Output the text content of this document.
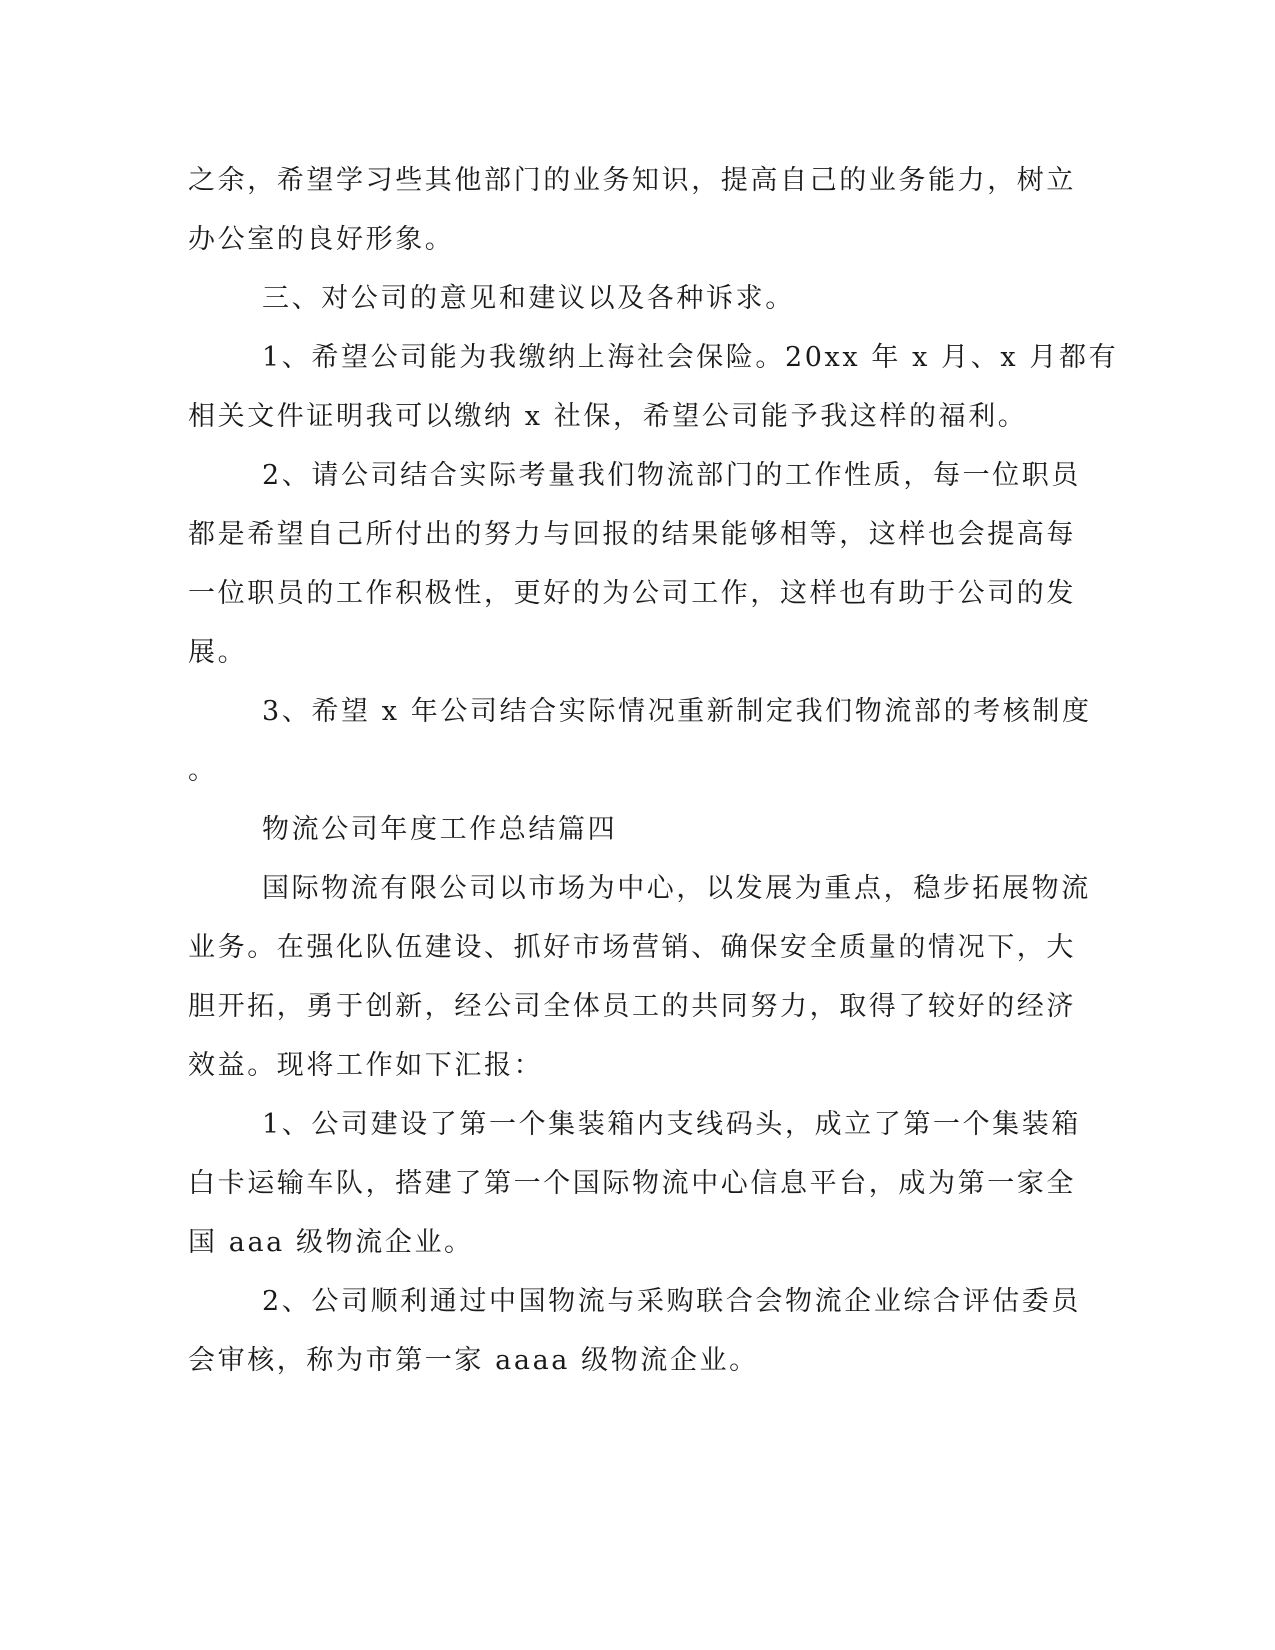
之余，希望学习些其他部门的业务知识，提高自己的业务能力，树立

办公室的良好形象。

三、对公司的意见和建议以及各种诉求。

1、希望公司能为我缴纳上海社会保险。20xx 年 x 月、x 月都有

相关文件证明我可以缴纳 x 社保，希望公司能予我这样的福利。

2、请公司结合实际考量我们物流部门的工作性质，每一位职员

都是希望自己所付出的努力与回报的结果能够相等，这样也会提高每

一位职员的工作积极性，更好的为公司工作，这样也有助于公司的发

展。

3、希望 x 年公司结合实际情况重新制定我们物流部的考核制度

。

物流公司年度工作总结篇四

国际物流有限公司以市场为中心，以发展为重点，稳步拓展物流

业务。在强化队伍建设、抓好市场营销、确保安全质量的情况下，大

胆开拓，勇于创新，经公司全体员工的共同努力，取得了较好的经济

效益。现将工作如下汇报：

1、公司建设了第一个集装箱内支线码头，成立了第一个集装箱

白卡运输车队，搭建了第一个国际物流中心信息平台，成为第一家全

国 aaa 级物流企业。

2、公司顺利通过中国物流与采购联合会物流企业综合评估委员

会审核，称为市第一家 aaaa 级物流企业。
